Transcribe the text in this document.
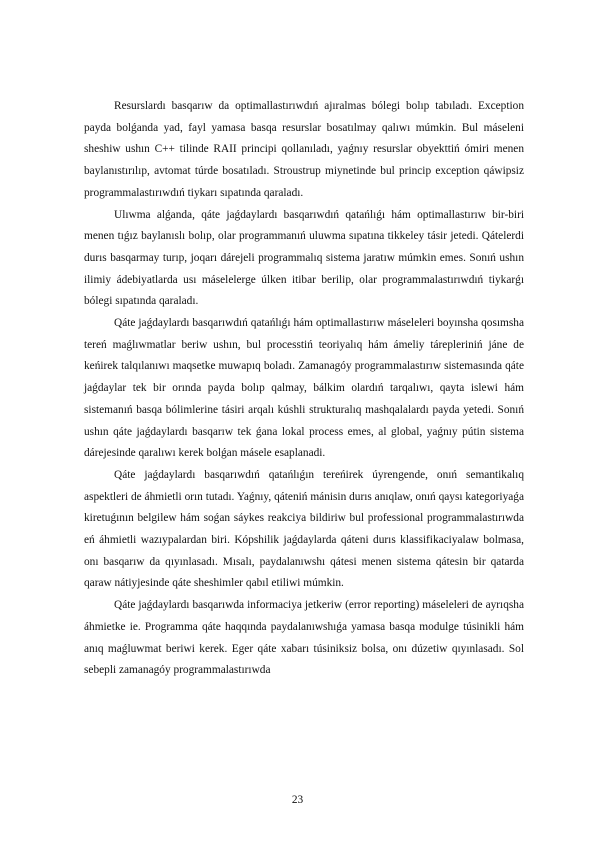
Resurslardı basqarıw da optimallastırıwdıń ajıralmas bólegi bolıp tabıladı. Exception payda bolǵanda yad, fayl yamasa basqa resurslar bosatılmay qalıwı múmkin. Bul máseleni sheshiw ushın C++ tilinde RAII principi qollanıladı, yaǵnıy resurslar obyekttiń ómiri menen baylanıstırılıp, avtomat túrde bosatıladı. Stroustrup miynetinde bul princip exception qáwipsiz programmalastırıwdıń tiykarı sıpatında qaraladı.

Ulıwma alǵanda, qáte jaǵdaylardı basqarıwdıń qatańlıǵı hám optimallastırıw bir-biri menen tıǵız baylanıslı bolıp, olar programmanıń uluwma sıpatına tikkeley tásir jetedi. Qátelerdi durıs basqarmay turıp, joqarı dárejeli programmalıq sistema jaratıw múmkin emes. Sonıń ushın ilimiy ádebiyatlarda usı máselelerge úlken itibar berilip, olar programmalastırıwdıń tiykarǵı bólegi sıpatında qaraladı.

Qáte jaǵdaylardı basqarıwdıń qatańlıǵı hám optimallastırıw máseleleri boyınsha qosımsha tereń maǵlıwmatlar beriw ushın, bul processtiń teoriyalıq hám ámeliy tárepleriniń jáne de keńirek talqılanıwı maqsetke muwapıq boladı. Zamanagóy programmalastırıw sistemasında qáte jaǵdaylar tek bir orında payda bolıp qalmay, bálkim olardıń tarqalıwı, qayta islewi hám sistemanıń basqa bólimlerine tásiri arqalı kúshli strukturalıq mashqalalardı payda yetedi. Sonıń ushın qáte jaǵdaylardı basqarıw tek ǵana lokal process emes, al global, yaǵnıy pútin sistema dárejesinde qaralıwı kerek bolǵan másele esaplanadi.

Qáte jaǵdaylardı basqarıwdıń qatańlıǵın tereńirek úyrengende, onıń semantikalıq aspektleri de áhmietli orın tutadı. Yaǵnıy, qáteniń mánisin durıs anıqlaw, onıń qaysı kategoriyaǵa kiretuǵının belgilew hám soǵan sáykes reakciya bildiriw bul professional programmalastırıwda eń áhmietli wazıypalardan biri. Kópshilik jaǵdaylarda qáteni durıs klassifikaciyalaw bolmasa, onı basqarıw da qıyınlasadı. Mısalı, paydalanıwshı qátesi menen sistema qátesin bir qatarda qaraw nátiyjesinde qáte sheshimler qabıl etiliwi múmkin.

Qáte jaǵdaylardı basqarıwda informaciya jetkeriw (error reporting) máseleleri de ayrıqsha áhmietke ie. Programma qáte haqqında paydalanıwshıǵa yamasa basqa modulge túsinikli hám anıq maǵluwmat beriwi kerek. Eger qáte xabarı túsiniksiz bolsa, onı dúzetiw qıyınlasadı. Sol sebepli zamanagóy programmalastırıwda

23
